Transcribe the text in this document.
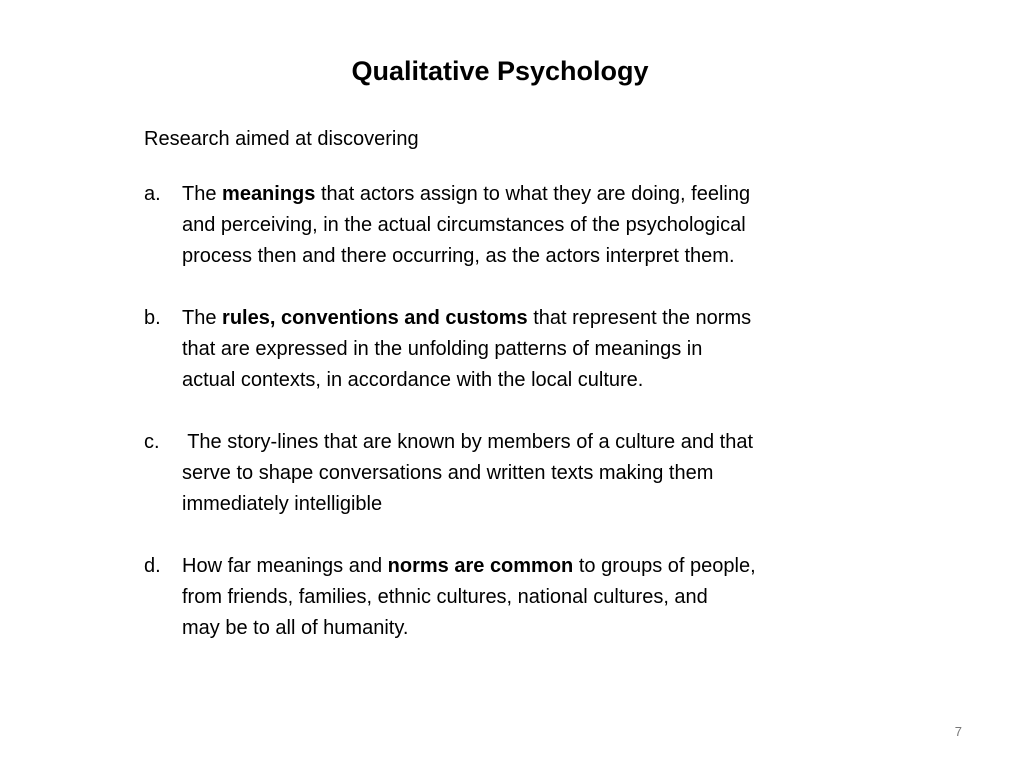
Qualitative Psychology

Research aimed at discovering

a.	The meanings that actors assign to what they are doing, feeling
and perceiving, in the actual circumstances of the psychological
process then and there occurring, as the actors interpret them.
b.	The rules, conventions and customs that represent the norms
that are expressed in the unfolding patterns of meanings in
actual contexts, in accordance with the local culture.
c.	The story-lines that are known by members of a culture and that
serve to shape conversations and written texts making them
immediately intelligible
d.	How far meanings and norms are common to groups of people,
from friends, families, ethnic cultures, national cultures, and
may be to all of humanity.
7
